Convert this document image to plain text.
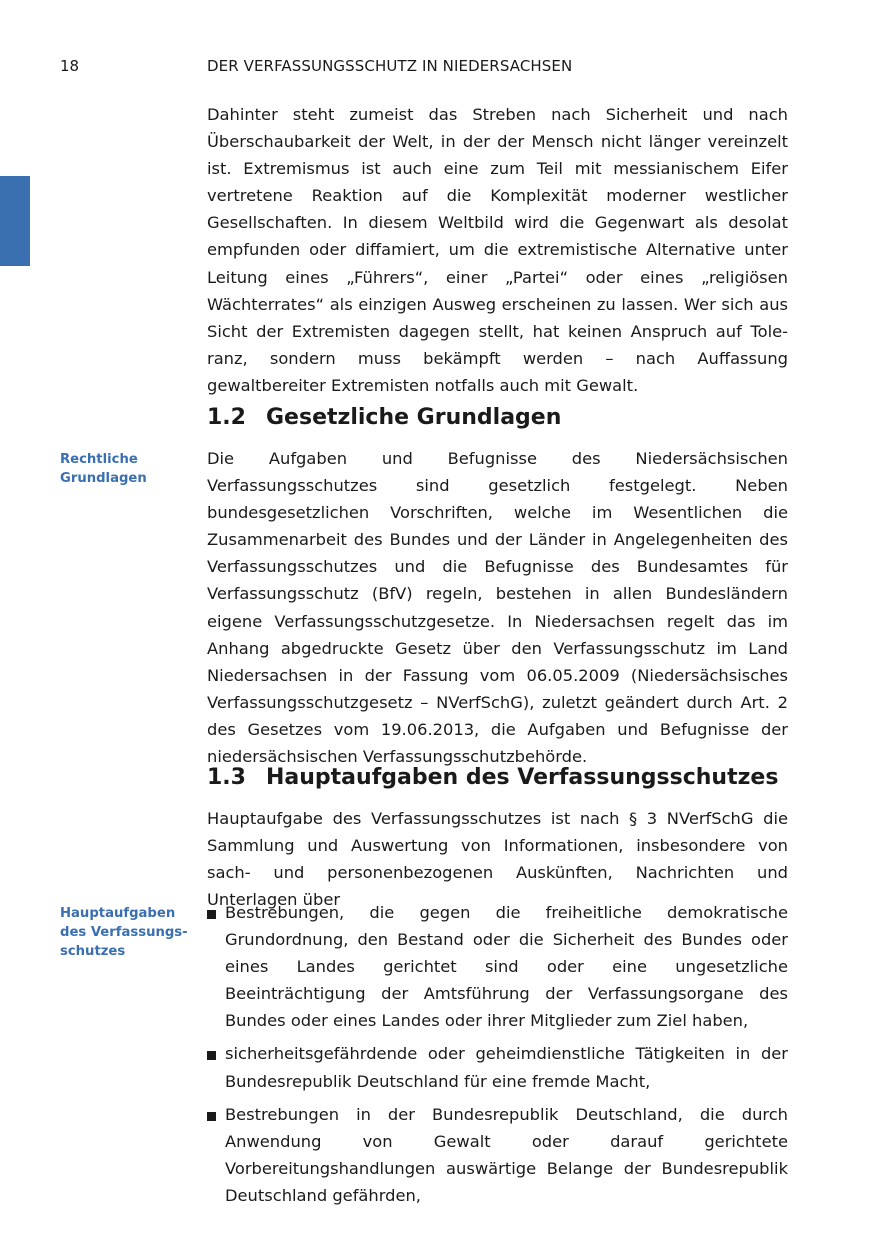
18	DER VERFASSUNGSSCHUTZ IN NIEDERSACHSEN

Dahinter steht zumeist das Streben nach Sicherheit und nach Überschaubarkeit der Welt, in der der Mensch nicht länger vereinzelt ist. Extremismus ist auch eine zum Teil mit messianischem Eifer vertretene Reaktion auf die Komplexität moderner westlicher Gesellschaften. In diesem Weltbild wird die Gegenwart als desolat empfunden oder diffamiert, um die extremistische Alternative unter Leitung eines „Führers“, einer „Partei“ oder eines „religiösen Wächterrates“ als einzigen Ausweg erscheinen zu lassen. Wer sich aus Sicht der Extremisten dagegen stellt, hat keinen Anspruch auf Toleranz, sondern muss bekämpft werden – nach Auffassung gewaltbereiter Extremisten notfalls auch mit Gewalt.

1.2 Gesetzliche Grundlagen
Rechtliche Grundlagen

Die Aufgaben und Befugnisse des Niedersächsischen Verfassungsschutzes sind gesetzlich festgelegt. Neben bundesgesetzlichen Vorschriften, welche im Wesentlichen die Zusammenarbeit des Bundes und der Länder in Angelegenheiten des Verfassungsschutzes und die Befugnisse des Bundesamtes für Verfassungsschutz (BfV) regeln, bestehen in allen Bundesländern eigene Verfassungsschutzgesetze. In Niedersachsen regelt das im Anhang abgedruckte Gesetz über den Verfassungsschutz im Land Niedersachsen in der Fassung vom 06.05.2009 (Niedersächsisches Verfassungsschutzgesetz – NVerfSchG), zuletzt geändert durch Art. 2 des Gesetzes vom 19.06.2013, die Aufgaben und Befugnisse der niedersächsischen Verfassungsschutzbehörde.

1.3 Hauptaufgaben des Verfassungsschutzes

Hauptaufgabe des Verfassungsschutzes ist nach § 3 NVerfSchG die Sammlung und Auswertung von Informationen, insbesondere von sach- und personenbezogenen Auskünften, Nachrichten und Unterlagen über

Hauptaufgaben des Verfassungsschutzes
Bestrebungen, die gegen die freiheitliche demokratische Grundordnung, den Bestand oder die Sicherheit des Bundes oder eines Landes gerichtet sind oder eine ungesetzliche Beeinträchtigung der Amtsführung der Verfassungsorgane des Bundes oder eines Landes oder ihrer Mitglieder zum Ziel haben,
sicherheitsgefährdende oder geheimdienstliche Tätigkeiten in der Bundesrepublik Deutschland für eine fremde Macht,
Bestrebungen in der Bundesrepublik Deutschland, die durch Anwendung von Gewalt oder darauf gerichtete Vorbereitungshandlungen auswärtige Belange der Bundesrepublik Deutschland gefährden,
